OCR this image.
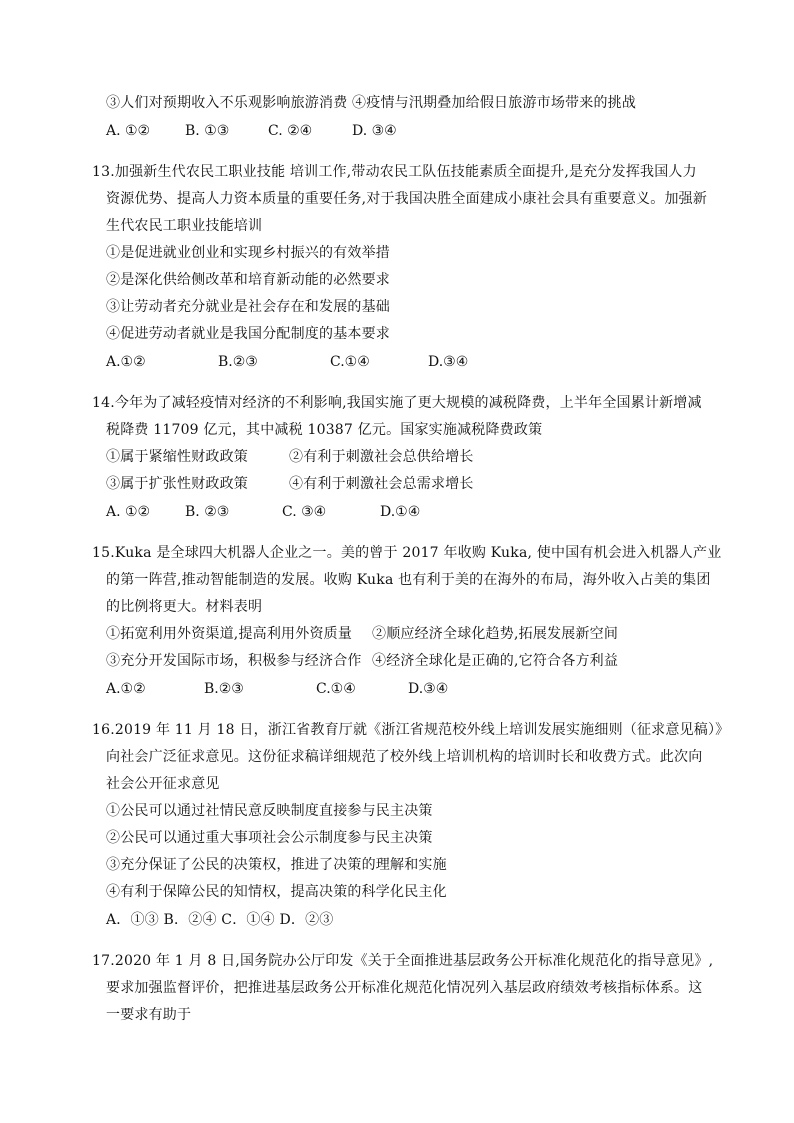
③人们对预期收入不乐观影响旅游消费 ④疫情与汛期叠加给假日旅游市场带来的挑战
A. ①② B. ①③	C. ②④	D. ③④
13.加强新生代农民工职业技能 培训工作,带动农民工队伍技能素质全面提升,是充分发挥我国人力
资源优势、提高人力资本质量的重要任务,对于我国决胜全面建成小康社会具有重要意义。加强新
生代农民工职业技能培训
①是促进就业创业和实现乡村振兴的有效举措
②是深化供给侧改革和培育新动能的必然要求
③让劳动者充分就业是社会存在和发展的基础
④促进劳动者就业是我国分配制度的基本要求
A.①②	B.②③	C.①④	D.③④
14.今年为了减轻疫情对经济的不利影响,我国实施了更大规模的减税降费，上半年全国累计新增减
税降费 11709 亿元，其中减税 10387 亿元。国家实施减税降费政策
①属于紧缩性财政政策	②有利于刺激社会总供给增长
③属于扩张性财政政策	④有利于刺激社会总需求增长
A. ①② B. ②③	C. ③④	D.①④
15.Kuka 是全球四大机器人企业之一。美的曾于 2017 年收购 Kuka, 使中国有机会进入机器人产业
的第一阵营,推动智能制造的发展。收购 Kuka 也有利于美的在海外的布局，海外收入占美的集团
的比例将更大。材料表明
①拓宽利用外资渠道,提高利用外资质量 ②顺应经济全球化趋势,拓展发展新空间
③充分开发国际市场，积极参与经济合作 ④经济全球化是正确的,它符合各方利益
A.①②	B.②③	C.①④	D.③④
16.2019 年 11 月 18 日，浙江省教育厅就《浙江省规范校外线上培训发展实施细则（征求意见稿）》
向社会广泛征求意见。这份征求稿详细规范了校外线上培训机构的培训时长和收费方式。此次向
社会公开征求意见
①公民可以通过社情民意反映制度直接参与民主决策
②公民可以通过重大事项社会公示制度参与民主决策
③充分保证了公民的决策权，推进了决策的理解和实施
④有利于保障公民的知情权，提高决策的科学化民主化
A．①③ B．②④ C．①④ D．②③
17.2020 年 1 月 8 日,国务院办公厅印发《关于全面推进基层政务公开标准化规范化的指导意见》,
要求加强监督评价，把推进基层政务公开标准化规范化情况列入基层政府绩效考核指标体系。这
一要求有助于
